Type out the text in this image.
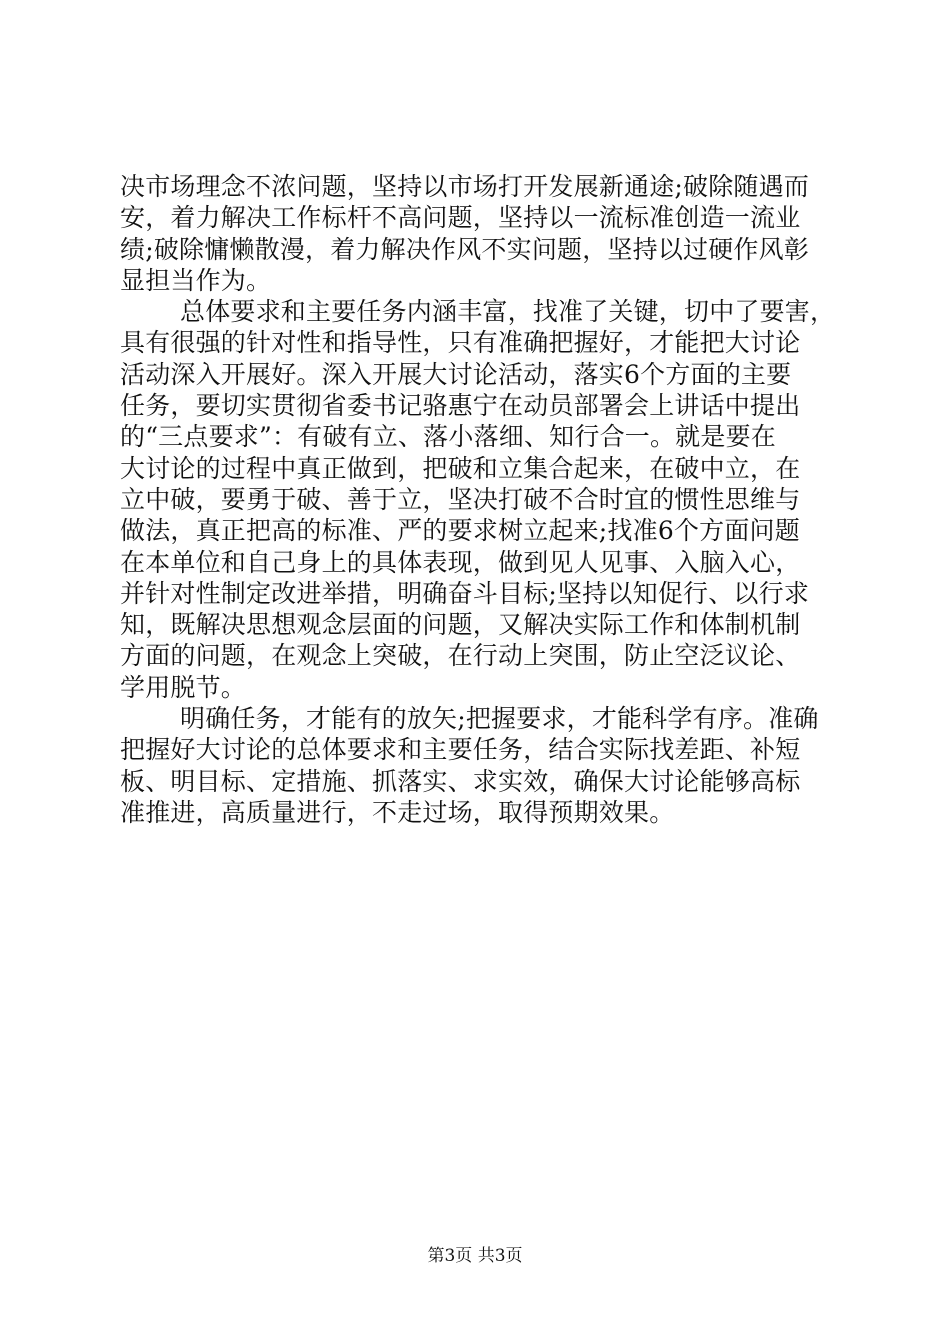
决市场理念不浓问题，坚持以市场打开发展新通途;破除随遇而
安，着力解决工作标杆不高问题，坚持以一流标准创造一流业
绩;破除慵懒散漫，着力解决作风不实问题，坚持以过硬作风彰
显担当作为。
总体要求和主要任务内涵丰富，找准了关键，切中了要害，
具有很强的针对性和指导性，只有准确把握好，才能把大讨论
活动深入开展好。深入开展大讨论活动，落实6个方面的主要
任务，要切实贯彻省委书记骆惠宁在动员部署会上讲话中提出
的“三点要求”：有破有立、落小落细、知行合一。就是要在
大讨论的过程中真正做到，把破和立集合起来，在破中立，在
立中破，要勇于破、善于立，坚决打破不合时宜的惯性思维与
做法，真正把高的标准、严的要求树立起来;找准6个方面问题
在本单位和自己身上的具体表现，做到见人见事、入脑入心，
并针对性制定改进举措，明确奋斗目标;坚持以知促行、以行求
知，既解决思想观念层面的问题，又解决实际工作和体制机制
方面的问题，在观念上突破，在行动上突围，防止空泛议论、
学用脱节。
明确任务，才能有的放矢;把握要求，才能科学有序。准确
把握好大讨论的总体要求和主要任务，结合实际找差距、补短
板、明目标、定措施、抓落实、求实效，确保大讨论能够高标
准推进，高质量进行，不走过场，取得预期效果。
第3页 共3页
